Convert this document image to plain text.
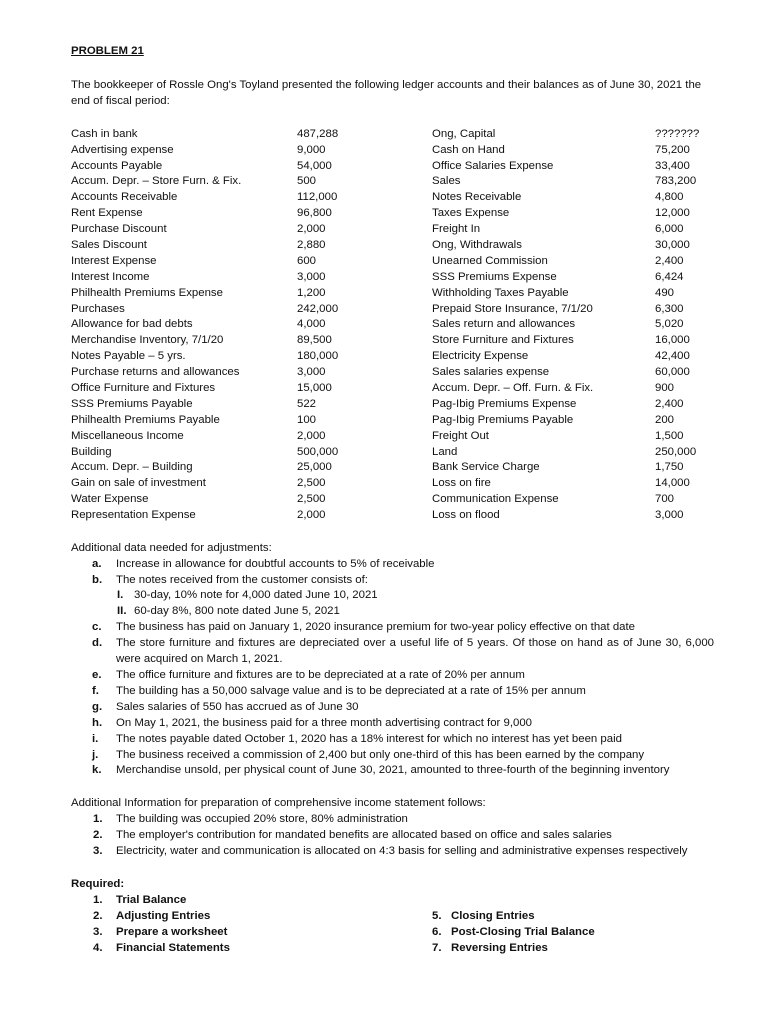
PROBLEM 21
The bookkeeper of Rossle Ong's Toyland presented the following ledger accounts and their balances as of June 30, 2021 the end of fiscal period:
Cash in bank
Advertising expense
Accounts Payable
Accum. Depr. – Store Furn. & Fix.
Accounts Receivable
Rent Expense
Purchase Discount
Sales Discount
Interest Expense
Interest Income
Philhealth Premiums Expense
Purchases
Allowance for bad debts
Merchandise Inventory, 7/1/20
Notes Payable – 5 yrs.
Purchase returns and allowances
Office Furniture and Fixtures
SSS Premiums Payable
Philhealth Premiums Payable
Miscellaneous Income
Building
Accum. Depr. – Building
Gain on sale of investment
Water Expense
Representation Expense
487,288
9,000
54,000
500
112,000
96,800
2,000
2,880
600
3,000
1,200
242,000
4,000
89,500
180,000
3,000
15,000
522
100
2,000
500,000
25,000
2,500
2,500
2,000
Ong, Capital
Cash on Hand
Office Salaries Expense
Sales
Notes Receivable
Taxes Expense
Freight In
Ong, Withdrawals
Unearned Commission
SSS Premiums Expense
Withholding Taxes Payable
Prepaid Store Insurance, 7/1/20
Sales return and allowances
Store Furniture and Fixtures
Electricity Expense
Sales salaries expense
Accum. Depr. – Off. Furn. & Fix.
Pag-Ibig Premiums Expense
Pag-Ibig Premiums Payable
Freight Out
Land
Bank Service Charge
Loss on fire
Communication Expense
Loss on flood
???????
75,200
33,400
783,200
4,800
12,000
6,000
30,000
2,400
6,424
490
6,300
5,020
16,000
42,400
60,000
900
2,400
200
1,500
250,000
1,750
14,000
700
3,000
Additional data needed for adjustments:
a. Increase in allowance for doubtful accounts to 5% of receivable
b. The notes received from the customer consists of:
I. 30-day, 10% note for 4,000 dated June 10, 2021
II. 60-day 8%, 800 note dated June 5, 2021
c. The business has paid on January 1, 2020 insurance premium for two-year policy effective on that date
d. The store furniture and fixtures are depreciated over a useful life of 5 years. Of those on hand as of June 30, 6,000 were acquired on March 1, 2021.
e. The office furniture and fixtures are to be depreciated at a rate of 20% per annum
f. The building has a 50,000 salvage value and is to be depreciated at a rate of 15% per annum
g. Sales salaries of 550 has accrued as of June 30
h. On May 1, 2021, the business paid for a three month advertising contract for 9,000
i. The notes payable dated October 1, 2020 has a 18% interest for which no interest has yet been paid
j. The business received a commission of 2,400 but only one-third of this has been earned by the company
k. Merchandise unsold, per physical count of June 30, 2021, amounted to three-fourth of the beginning inventory
Additional Information for preparation of comprehensive income statement follows:
1. The building was occupied 20% store, 80% administration
2. The employer's contribution for mandated benefits are allocated based on office and sales salaries
3. Electricity, water and communication is allocated on 4:3 basis for selling and administrative expenses respectively
Required:
1. Trial Balance
2. Adjusting Entries
3. Prepare a worksheet
4. Financial Statements
5. Closing Entries
6. Post-Closing Trial Balance
7. Reversing Entries
